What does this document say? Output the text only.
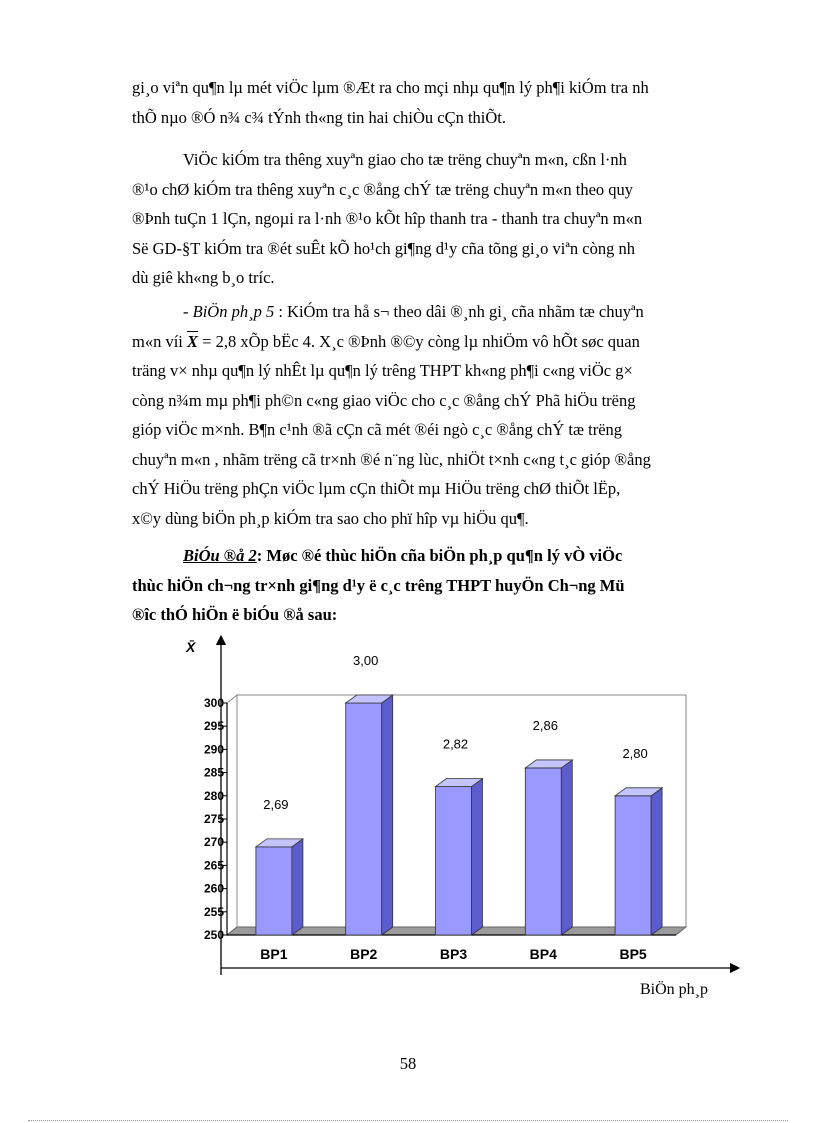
gi¸o viªn qu¶n lµ mét viÖc lµm ®Æt ra cho mçi nhµ qu¶n lý ph¶i kiÓm tra nh

thÕ nµo ®Ó n¾ c¾ tÝnh th«ng tin hai chiÒu cÇn thiÕt.

ViÖc kiÓm tra thêng xuyªn giao cho tæ trëng chuyªn m«n, cßn l·nh

®¹o chØ kiÓm tra thêng xuyªn c¸c ®ång chÝ tæ trëng chuyªn m«n theo quy

®Þnh tuÇn 1 lÇn, ngoµi ra l·nh ®¹o kÕt hîp thanh tra - thanh tra chuyªn m«n

Së GD-§T kiÓm tra ®ét suÊt kÕ ho¹ch gi¶ng d¹y cña tõng gi¸o viªn còng nh

dù giê kh«ng b¸o tríc.

- BiÖn ph¸p 5 : KiÓm tra hå s¬ theo dâi ®¸nh gi¸ cña nhãm tæ chuyªn

m«n víi $\overline{X} = 2,8$ xÕp bËc 4. X¸c ®Þnh ®©y còng lµ nhiÖm vô hÕt søc quan

träng v× nhµ qu¶n lý nhÊt lµ qu¶n lý trêng THPT kh«ng ph¶i c«ng viÖc g×

còng n¾m mµ ph¶i ph©n c«ng giao viÖc cho c¸c ®ång chÝ Phã hiÖu trëng

gióp viÖc m×nh. B¶n c¹nh ®ã cÇn cã mét ®éi ngò c¸c ®ång chÝ tæ trëng

chuyªn m«n , nhãm trëng cã tr×nh ®é n¨ng lùc, nhiÖt t×nh c«ng t¸c gióp ®ång

chÝ HiÖu trëng phÇn viÖc lµm cÇn thiÕt mµ HiÖu trëng chØ thiÕt lËp,

x©y dùng biÖn ph¸p kiÓm tra sao cho phï hîp vµ hiÖu qu¶.

BiÓu ®å 2: Møc ®é thùc hiÖn cña biÖn ph¸p qu¶n lý vÒ viÖc

thùc hiÖn ch¬ng tr×nh gi¶ng d¹y ë c¸c trêng THPT huyÖn Ch¬ng Mü

®îc thÓ hiÖn ë biÓu ®å sau:

X̄
BiÖn ph¸p
250
255
260
265
270
275
280
285
290
295
300
2,69
BP1
3,00
BP2
2,82
BP3
2,86
BP4
2,80
BP5
58
